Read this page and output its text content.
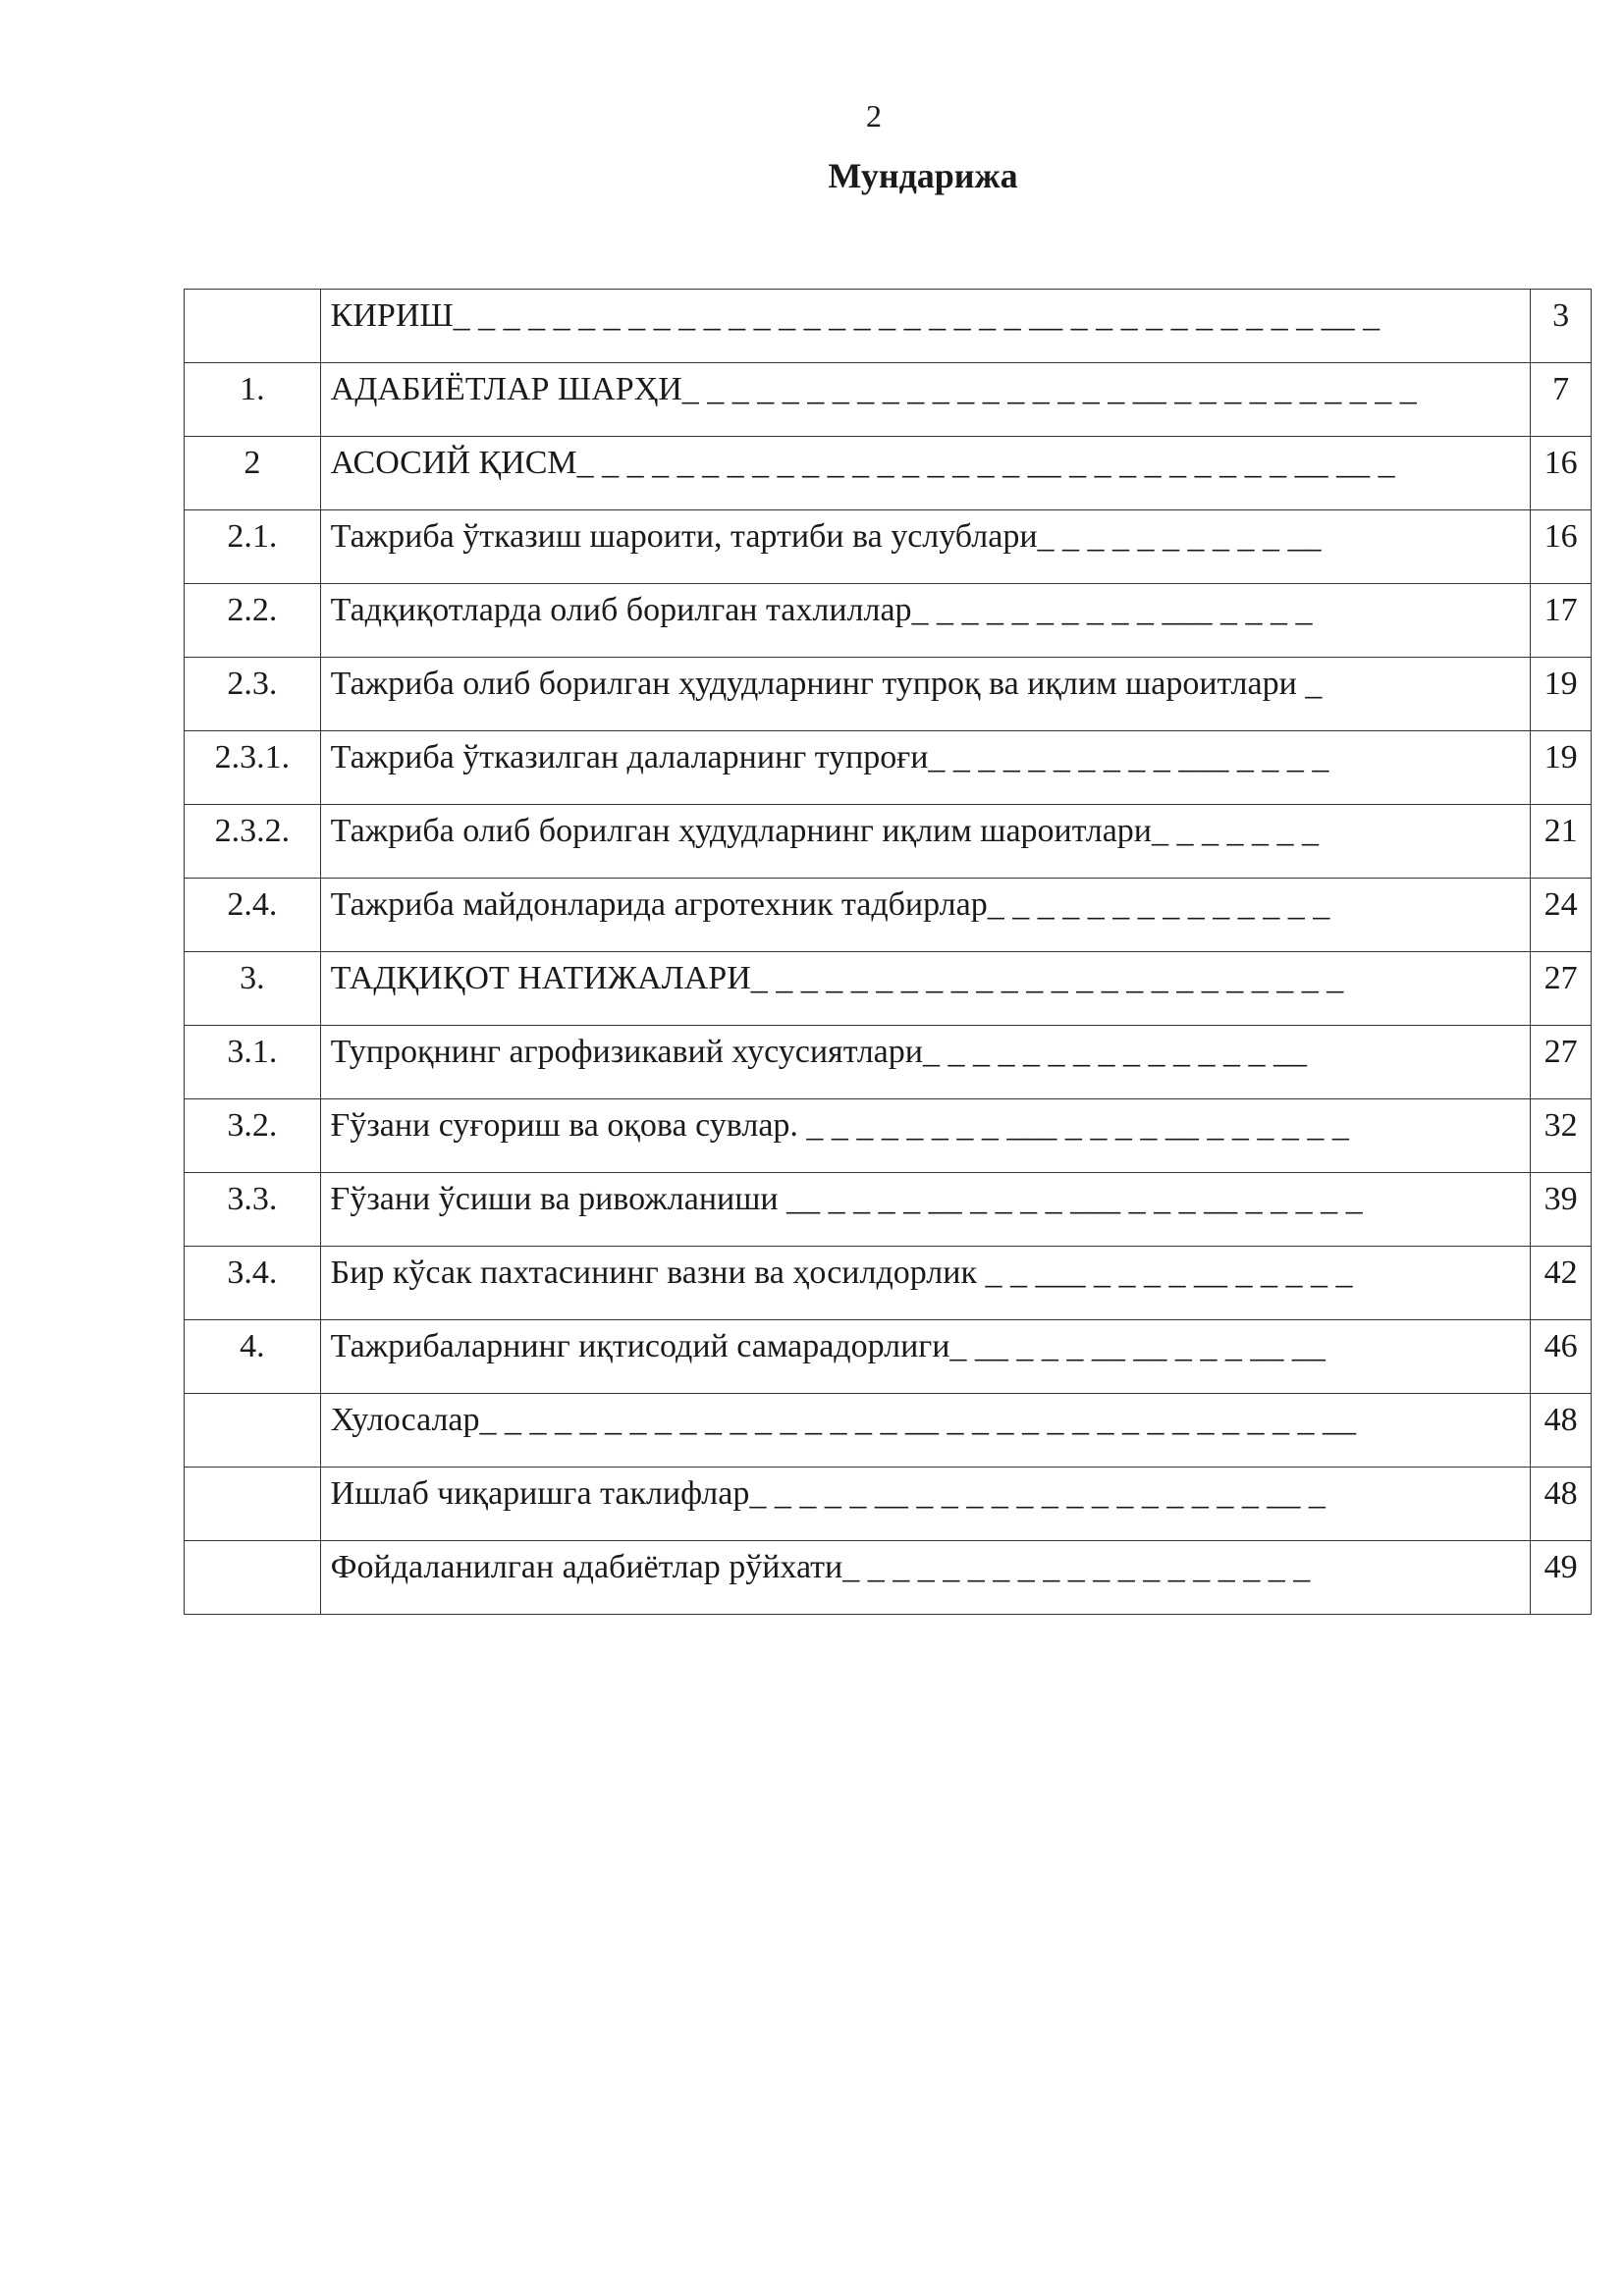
2
Мундарижа
	КИРИШ_ _ _ _ _ _ _ _ _ _ _ _ _ _ _ _ _ _ _ _ _ _ _ __ _ _ _ _ _ _ _ _ _ _ __ _	3
1.	АДАБИЁТЛАР ШАРҲИ_ _ _ _ _ _ _ _ _ _ _ _ _ _ _ _ _ _ __ _ _ _ _ _ _ _ _ _ _	7
2	АСОСИЙ ҚИСМ_ _ _ _ _ _ _ _ _ _ _ _ _ _ _ _ _ _ __ _ _ _ _ _ _ _ _ _ __ __ _	16
2.1.	Тажриба ўтказиш шароити, тартиби ва услублари_ _ _ _ _ _ _ _ _ _ __	16
2.2.	Тадқиқотларда олиб борилган тахлиллар_ _ _ _ _ _ _ _ _ _ ___ _ _ _ _	17
2.3.	Тажриба олиб борилган ҳудудларнинг тупроқ ва иқлим шароитлари _	19
2.3.1.	Тажриба ўтказилган далаларнинг тупроғи_ _ _ _ _ _ _ _ _ _ ___ _ _ _ _	19
2.3.2.	Тажриба олиб борилган ҳудудларнинг иқлим шароитлари_ _ _ _ _ _ _	21
2.4.	Тажриба майдонларида агротехник тадбирлар_ _ _ _ _ _ _ _ _ _ _ _ _ _	24
3.	ТАДҚИҚОТ НАТИЖАЛАРИ_ _ _ _ _ _ _ _ _ _ _ _ _ _ _ _ _ _ _ _ _ _ _ _	27
3.1.	Тупроқнинг агрофизикавий хусусиятлари_ _ _ _ _ _ _ _ _ _ _ _ _ _ __	27
3.2.	Ғўзани суғориш ва оқова сувлар. _ _ _ _ _ _ _ _ ___ _ _ _ _ __ _ _ _ _ _ _	32
3.3.	Ғўзани ўсиши ва ривожланиши __ _ _ _ _ __ _ _ _ _ ___ _ _ _ __ _ _ _ _ _	39
3.4.	Бир кўсак пахтасининг вазни ва ҳосилдорлик _ _ ___ _ _ _ _ __ _ _ _ _ _	42
4.	Тажрибаларнинг иқтисодий самарадорлиги_ __ _ _ _ __ __ _ _ _ __ __	46
	Хулосалар_ _ _ _ _ _ _ _ _ _ _ _ _ _ _ _ _ __ _ _ _ _ _ _ _ _ _ _ _ _ _ _ _ __	48
	Ишлаб чиқаришга таклифлар_ _ _ _ _ __ _ _ _ _ _ _ _ _ _ _ _ _ _ _ __ _	48
	Фойдаланилган адабиётлар рўйхати_ _ _ _ _ _ _ _ _ _ _ _ _ _ _ _ _ _ _	49
